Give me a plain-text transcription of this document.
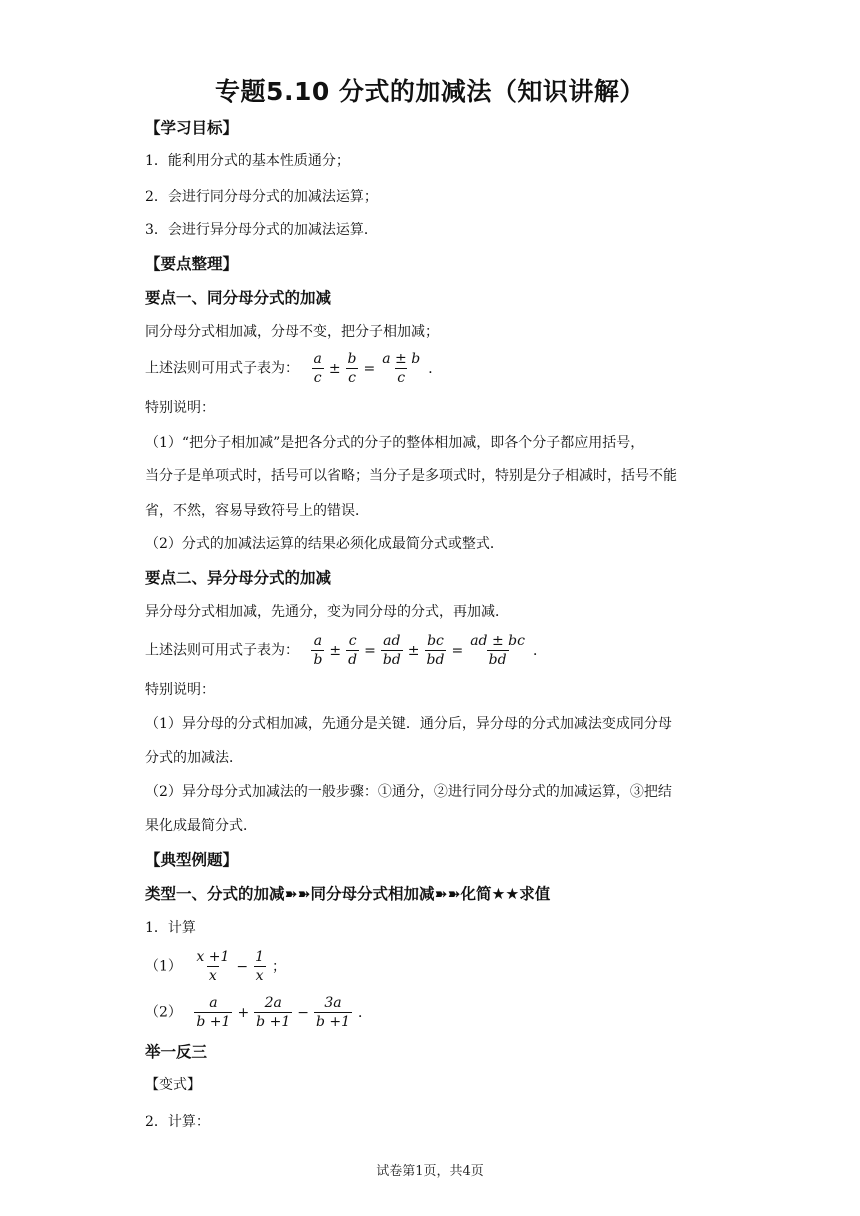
专题5.10 分式的加减法（知识讲解）
【学习目标】
1．能利用分式的基本性质通分；
2．会进行同分母分式的加减法运算；
3．会进行异分母分式的加减法运算．
【要点整理】
要点一、同分母分式的加减
同分母分式相加减，分母不变，把分子相加减；
上述法则可用式子表为： $\frac{a}{c} \pm \frac{b}{c} = \frac{a \pm b}{c}$ ．
特别说明：
（1）“把分子相加减”是把各分式的分子的整体相加减，即各个分子都应用括号，
当分子是单项式时，括号可以省略；当分子是多项式时，特别是分子相减时，括号不能
省，不然，容易导致符号上的错误．
（2）分式的加减法运算的结果必须化成最简分式或整式．
要点二、异分母分式的加减
异分母分式相加减，先通分，变为同分母的分式，再加减．
上述法则可用式子表为： $\frac{a}{b} \pm \frac{c}{d} = \frac{ad}{bd} \pm \frac{bc}{bd} = \frac{ad \pm bc}{bd}$ ．
特别说明：
（1）异分母的分式相加减，先通分是关键．通分后，异分母的分式加减法变成同分母
分式的加减法．
（2）异分母分式加减法的一般步骤：①通分，②进行同分母分式的加减运算，③把结
果化成最简分式．
【典型例题】
类型一、分式的加减➽➽同分母分式相加减➽➽化简★★求值
1．计算
$(1) \frac{x +1}{x} - \frac{1}{x}$ ；
$(2) \frac{a}{b +1} + \frac{2a}{b +1} - \frac{3a}{b +1}$ ．
举一反三
【变式】
2．计算：
试卷第1页，共4页
